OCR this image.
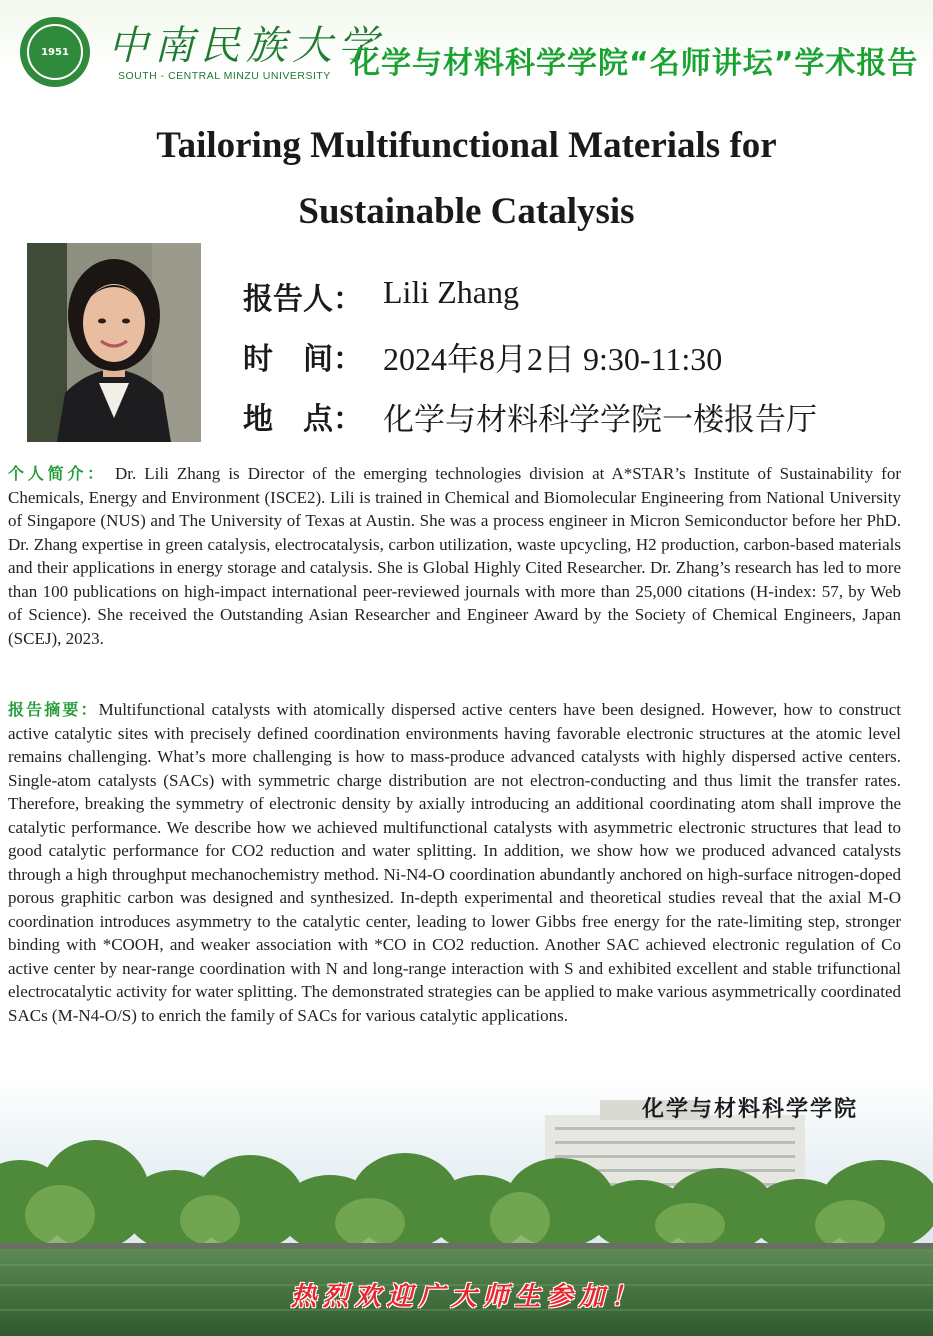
1951 中南民族大学
SOUTH - CENTRAL MINZU UNIVERSITY 化学与材料科学学院“名师讲坛”学术报告
Tailoring Multifunctional Materials for
Sustainable Catalysis
报告人： Lili Zhang
时　间： 2024年8月2日 9:30-11:30
地　点： 化学与材料科学学院一楼报告厅

个人简介： Dr. Lili Zhang is Director of the emerging technologies division at A*STAR’s Institute of Sustainability for Chemicals, Energy and Environment (ISCE2). Lili is trained in Chemical and Biomolecular Engineering from National University of Singapore (NUS) and The University of Texas at Austin. She was a process engineer in Micron Semiconductor before her PhD. Dr. Zhang expertise in green catalysis, electrocatalysis, carbon utilization, waste upcycling, H2 production, carbon-based materials and their applications in energy storage and catalysis. She is Global Highly Cited Researcher. Dr. Zhang’s research has led to more than 100 publications on high-impact international peer-reviewed journals with more than 25,000 citations (H-index: 57, by Web of Science). She received the Outstanding Asian Researcher and Engineer Award by the Society of Chemical Engineers, Japan (SCEJ), 2023.

报告摘要：Multifunctional catalysts with atomically dispersed active centers have been designed. However, how to construct active catalytic sites with precisely defined coordination environments having favorable electronic structures at the atomic level remains challenging. What’s more challenging is how to mass-produce advanced catalysts with highly dispersed active centers. Single-atom catalysts (SACs) with symmetric charge distribution are not electron-conducting and thus limit the transfer rates. Therefore, breaking the symmetry of electronic density by axially introducing an additional coordinating atom shall improve the catalytic performance. We describe how we achieved multifunctional catalysts with asymmetric electronic structures that lead to good catalytic performance for CO2 reduction and water splitting. In addition, we show how we produced advanced catalysts through a high throughput mechanochemistry method. Ni-N4-O coordination abundantly anchored on high-surface nitrogen-doped porous graphitic carbon was designed and synthesized. In-depth experimental and theoretical studies reveal that the axial M-O coordination introduces asymmetry to the catalytic center, leading to lower Gibbs free energy for the rate-limiting step, stronger binding with *COOH, and weaker association with *CO in CO2 reduction. Another SAC achieved electronic regulation of Co active center by near-range coordination with N and long-range interaction with S and exhibited excellent and stable trifunctional electrocatalytic activity for water splitting. The demonstrated strategies can be applied to make various asymmetrically coordinated SACs (M-N4-O/S) to enrich the family of SACs for various catalytic applications.

化学与材料科学学院
热烈欢迎广大师生参加！
